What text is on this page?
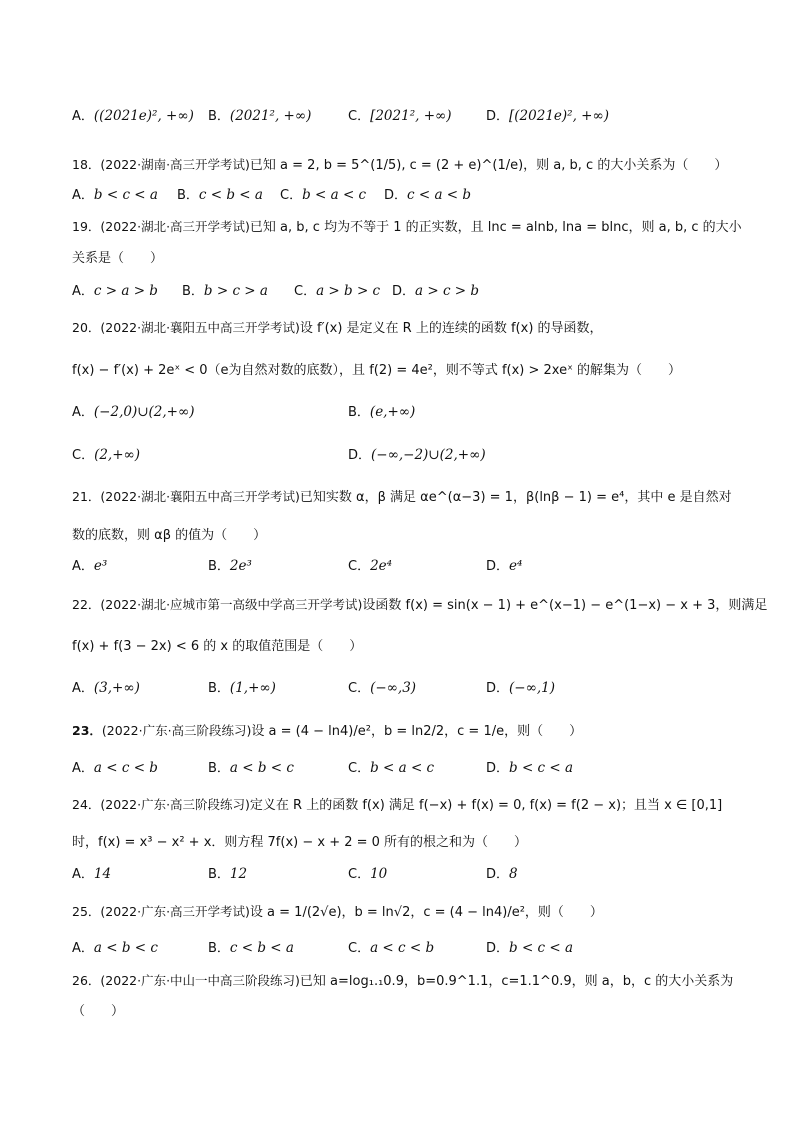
A．((2021e)², +∞) B．(2021², +∞)	C．[2021², +∞)	D．[(2021e)², +∞)
18．(2022·湖南·高三开学考试)已知 a = 2, b = 5^(1/5), c = (2 + e)^(1/e)，则 a, b, c 的大小关系为（　　）
A．b < c < a B．c < b < a C．b < a < c D．c < a < b
19．(2022·湖北·高三开学考试)已知 a, b, c 均为不等于 1 的正实数，且 lnc = alnb, lna = blnc，则 a, b, c 的大小
关系是（　　）
A．c > a > b B．b > c > a C．a > b > c D．a > c > b
20．(2022·湖北·襄阳五中高三开学考试)设 f′(x) 是定义在 R 上的连续的函数 f(x) 的导函数，
f(x) − f′(x) + 2eˣ < 0（e为自然对数的底数），且 f(2) = 4e²，则不等式 f(x) > 2xeˣ 的解集为（　　）
A．(−2,0)∪(2,+∞)	B．(e,+∞)
C．(2,+∞)	D．(−∞,−2)∪(2,+∞)
21．(2022·湖北·襄阳五中高三开学考试)已知实数 α，β 满足 αe^(α−3) = 1，β(lnβ − 1) = e⁴，其中 e 是自然对
数的底数，则 αβ 的值为（　　）
A．e³	B．2e³	C．2e⁴	D．e⁴
22．(2022·湖北·应城市第一高级中学高三开学考试)设函数 f(x) = sin(x − 1) + e^(x−1) − e^(1−x) − x + 3，则满足
f(x) + f(3 − 2x) < 6 的 x 的取值范围是（　　）
A．(3,+∞)	B．(1,+∞)	C．(−∞,3)	D．(−∞,1)
23．(2022·广东·高三阶段练习)设 a = (4 − ln4)/e²，b = ln2/2，c = 1/e，则（　　）
A．a < c < b	B．a < b < c	C．b < a < c	D．b < c < a
24．(2022·广东·高三阶段练习)定义在 R 上的函数 f(x) 满足 f(−x) + f(x) = 0, f(x) = f(2 − x)；且当 x ∈ [0,1]
时，f(x) = x³ − x² + x．则方程 7f(x) − x + 2 = 0 所有的根之和为（　　）
A．14	B．12	C．10	D．8
25．(2022·广东·高三开学考试)设 a = 1/(2√e)，b = ln√2，c = (4 − ln4)/e²，则（　　）
A．a < b < c	B．c < b < a	C．a < c < b	D．b < c < a
26．(2022·广东·中山一中高三阶段练习)已知 a=log₁.₁0.9，b=0.9^1.1，c=1.1^0.9，则 a，b，c 的大小关系为
（　　）
